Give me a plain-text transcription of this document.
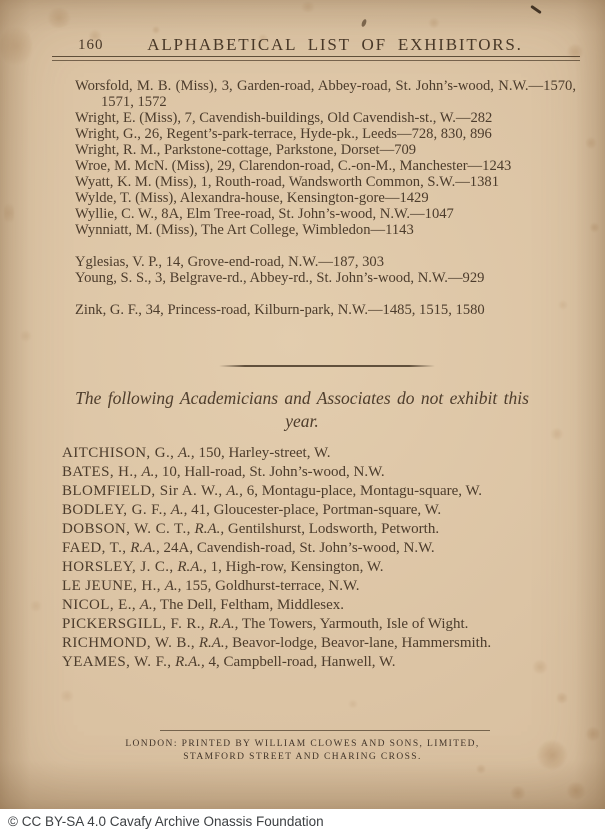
160	ALPHABETICAL LIST OF EXHIBITORS.

Worsfold, M. B. (Miss), 3, Garden-road, Abbey-road, St. John’s-wood, N.W.—1570, 1571, 1572

Wright, E. (Miss), 7, Cavendish-buildings, Old Cavendish-st., W.—282

Wright, G., 26, Regent’s-park-terrace, Hyde-pk., Leeds—728, 830, 896

Wright, R. M., Parkstone-cottage, Parkstone, Dorset—709

Wroe, M. McN. (Miss), 29, Clarendon-road, C.-on-M., Manchester—1243

Wyatt, K. M. (Miss), 1, Routh-road, Wandsworth Common, S.W.—1381

Wylde, T. (Miss), Alexandra-house, Kensington-gore—1429

Wyllie, C. W., 8A, Elm Tree-road, St. John’s-wood, N.W.—1047

Wynniatt, M. (Miss), The Art College, Wimbledon—1143

Yglesias, V. P., 14, Grove-end-road, N.W.—187, 303

Young, S. S., 3, Belgrave-rd., Abbey-rd., St. John’s-wood, N.W.—929

Zink, G. F., 34, Princess-road, Kilburn-park, N.W.—1485, 1515, 1580

The following Academicians and Associates do not exhibit this year.

AITCHISON, G., A., 150, Harley-street, W.

BATES, H., A., 10, Hall-road, St. John’s-wood, N.W.

BLOMFIELD, Sir A. W., A., 6, Montagu-place, Montagu-square, W.

BODLEY, G. F., A., 41, Gloucester-place, Portman-square, W.

DOBSON, W. C. T., R.A., Gentilshurst, Lodsworth, Petworth.

FAED, T., R.A., 24A, Cavendish-road, St. John’s-wood, N.W.

HORSLEY, J. C., R.A., 1, High-row, Kensington, W.

LE JEUNE, H., A., 155, Goldhurst-terrace, N.W.

NICOL, E., A., The Dell, Feltham, Middlesex.

PICKERSGILL, F. R., R.A., The Towers, Yarmouth, Isle of Wight.

RICHMOND, W. B., R.A., Beavor-lodge, Beavor-lane, Hammersmith.

YEAMES, W. F., R.A., 4, Campbell-road, Hanwell, W.

LONDON: PRINTED BY WILLIAM CLOWES AND SONS, LIMITED,
STAMFORD STREET AND CHARING CROSS.
© CC BY-SA 4.0 Cavafy Archive Onassis Foundation
